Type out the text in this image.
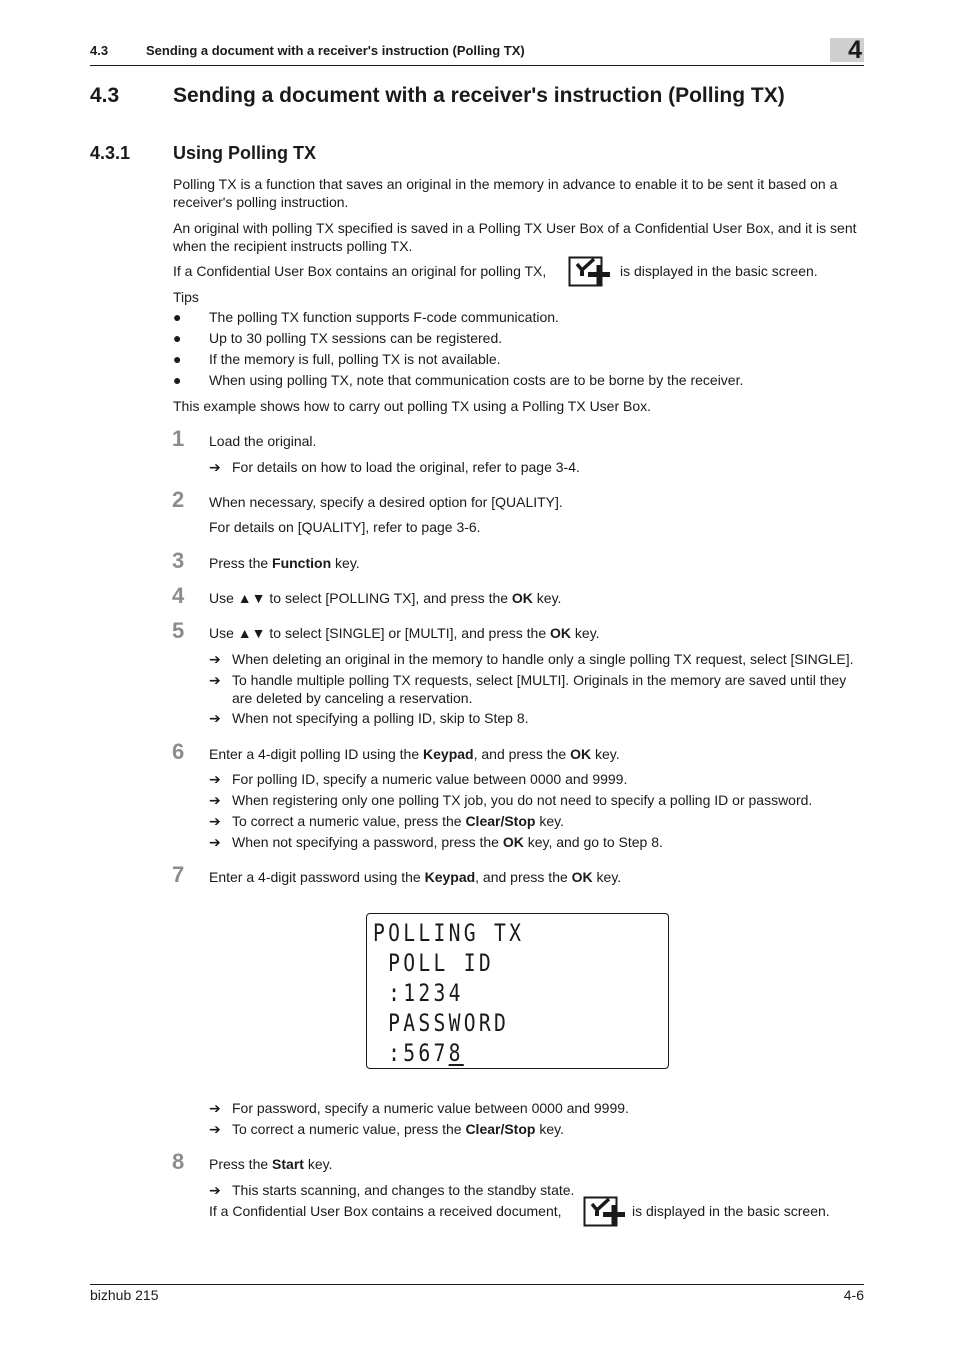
4.3	Sending a document with a receiver's instruction (Polling TX)	4
4.3	Sending a document with a receiver's instruction (Polling TX)
4.3.1 Using Polling TX
Polling TX is a function that saves an original in the memory in advance to enable it to be sent it based on a receiver's polling instruction.
An original with polling TX specified is saved in a Polling TX User Box of a Confidential User Box, and it is sent when the recipient instructs polling TX.
If a Confidential User Box contains an original for polling TX,	is displayed in the basic screen.
Tips
● The polling TX function supports F-code communication.
● Up to 30 polling TX sessions can be registered.
● If the memory is full, polling TX is not available.
● When using polling TX, note that communication costs are to be borne by the receiver.
This example shows how to carry out polling TX using a Polling TX User Box.
1 Load the original.
➔ For details on how to load the original, refer to page 3-4.
2 When necessary, specify a desired option for [QUALITY].
For details on [QUALITY], refer to page 3-6.
3 Press the Function key.
4 Use ▲▼ to select [POLLING TX], and press the OK key.
5 Use ▲▼ to select [SINGLE] or [MULTI], and press the OK key.
➔ When deleting an original in the memory to handle only a single polling TX request, select [SINGLE].
➔ To handle multiple polling TX requests, select [MULTI]. Originals in the memory are saved until they are deleted by canceling a reservation.
➔ When not specifying a polling ID, skip to Step 8.
6 Enter a 4-digit polling ID using the Keypad, and press the OK key.
➔ For polling ID, specify a numeric value between 0000 and 9999.
➔ When registering only one polling TX job, you do not need to specify a polling ID or password.
➔ To correct a numeric value, press the Clear/Stop key.
➔ When not specifying a password, press the OK key, and go to Step 8.
7 Enter a 4-digit password using the Keypad, and press the OK key.
POLLING TX
POLL ID
:1234
PASSWORD
:5678
➔ For password, specify a numeric value between 0000 and 9999.
➔ To correct a numeric value, press the Clear/Stop key.
8 Press the Start key.
➔ This starts scanning, and changes to the standby state.
If a Confidential User Box contains a received document,	is displayed in the basic screen.
bizhub 215	4-6
